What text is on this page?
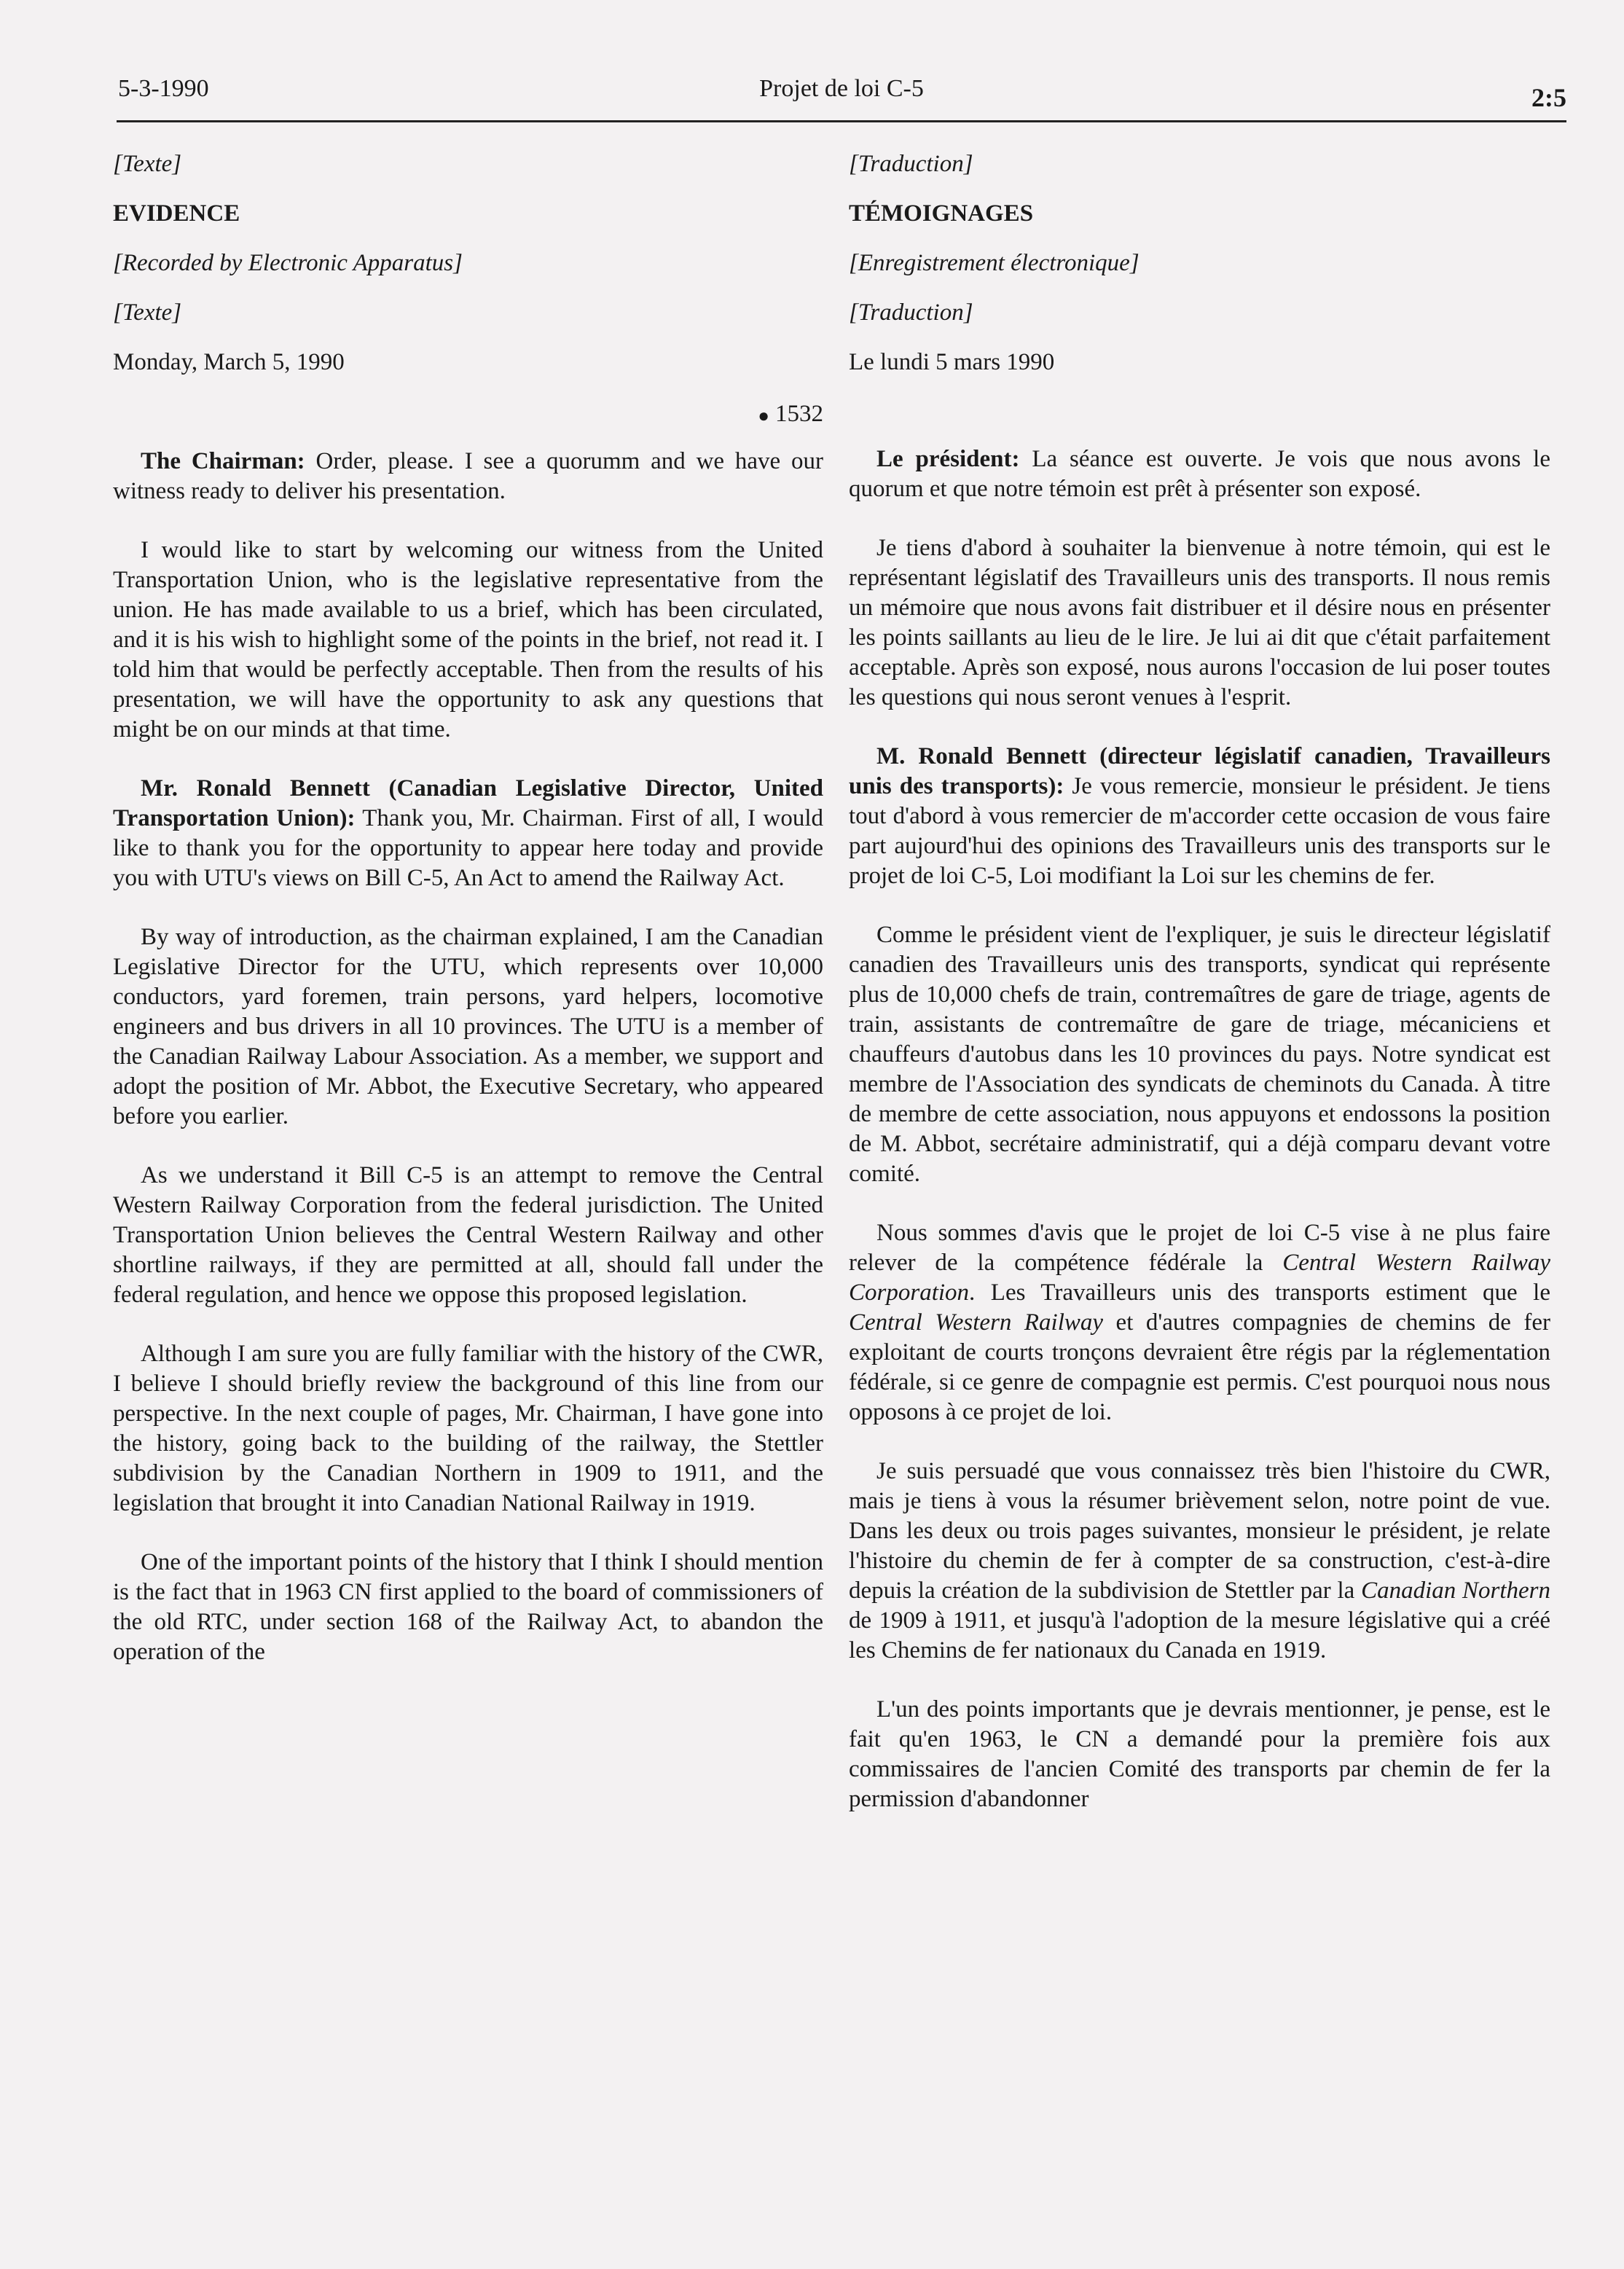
5-3-1990	Projet de loi C-5	2:5

[Texte]

EVIDENCE

[Recorded by Electronic Apparatus]

[Texte]

Monday, March 5, 1990

● 1532

The Chairman: Order, please. I see a quorumm and we have our witness ready to deliver his presentation.

I would like to start by welcoming our witness from the United Transportation Union, who is the legislative representative from the union. He has made available to us a brief, which has been circulated, and it is his wish to highlight some of the points in the brief, not read it. I told him that would be perfectly acceptable. Then from the results of his presentation, we will have the opportunity to ask any questions that might be on our minds at that time.

Mr. Ronald Bennett (Canadian Legislative Director, United Transportation Union): Thank you, Mr. Chairman. First of all, I would like to thank you for the opportunity to appear here today and provide you with UTU's views on Bill C-5, An Act to amend the Railway Act.

By way of introduction, as the chairman explained, I am the Canadian Legislative Director for the UTU, which represents over 10,000 conductors, yard foremen, train persons, yard helpers, locomotive engineers and bus drivers in all 10 provinces. The UTU is a member of the Canadian Railway Labour Association. As a member, we support and adopt the position of Mr. Abbot, the Executive Secretary, who appeared before you earlier.

As we understand it Bill C-5 is an attempt to remove the Central Western Railway Corporation from the federal jurisdiction. The United Transportation Union believes the Central Western Railway and other shortline railways, if they are permitted at all, should fall under the federal regulation, and hence we oppose this proposed legislation.

Although I am sure you are fully familiar with the history of the CWR, I believe I should briefly review the background of this line from our perspective. In the next couple of pages, Mr. Chairman, I have gone into the history, going back to the building of the railway, the Stettler subdivision by the Canadian Northern in 1909 to 1911, and the legislation that brought it into Canadian National Railway in 1919.

One of the important points of the history that I think I should mention is the fact that in 1963 CN first applied to the board of commissioners of the old RTC, under section 168 of the Railway Act, to abandon the operation of the

[Traduction]

TÉMOIGNAGES

[Enregistrement électronique]

[Traduction]

Le lundi 5 mars 1990

Le président: La séance est ouverte. Je vois que nous avons le quorum et que notre témoin est prêt à présenter son exposé.

Je tiens d'abord à souhaiter la bienvenue à notre témoin, qui est le représentant législatif des Travailleurs unis des transports. Il nous remis un mémoire que nous avons fait distribuer et il désire nous en présenter les points saillants au lieu de le lire. Je lui ai dit que c'était parfaitement acceptable. Après son exposé, nous aurons l'occasion de lui poser toutes les questions qui nous seront venues à l'esprit.

M. Ronald Bennett (directeur législatif canadien, Travailleurs unis des transports): Je vous remercie, monsieur le président. Je tiens tout d'abord à vous remercier de m'accorder cette occasion de vous faire part aujourd'hui des opinions des Travailleurs unis des transports sur le projet de loi C-5, Loi modifiant la Loi sur les chemins de fer.

Comme le président vient de l'expliquer, je suis le directeur législatif canadien des Travailleurs unis des transports, syndicat qui représente plus de 10,000 chefs de train, contremaîtres de gare de triage, agents de train, assistants de contremaître de gare de triage, mécaniciens et chauffeurs d'autobus dans les 10 provinces du pays. Notre syndicat est membre de l'Association des syndicats de cheminots du Canada. À titre de membre de cette association, nous appuyons et endossons la position de M. Abbot, secrétaire administratif, qui a déjà comparu devant votre comité.

Nous sommes d'avis que le projet de loi C-5 vise à ne plus faire relever de la compétence fédérale la Central Western Railway Corporation. Les Travailleurs unis des transports estiment que le Central Western Railway et d'autres compagnies de chemins de fer exploitant de courts tronçons devraient être régis par la réglementation fédérale, si ce genre de compagnie est permis. C'est pourquoi nous nous opposons à ce projet de loi.

Je suis persuadé que vous connaissez très bien l'histoire du CWR, mais je tiens à vous la résumer brièvement selon, notre point de vue. Dans les deux ou trois pages suivantes, monsieur le président, je relate l'histoire du chemin de fer à compter de sa construction, c'est-à-dire depuis la création de la subdivision de Stettler par la Canadian Northern de 1909 à 1911, et jusqu'à l'adoption de la mesure législative qui a créé les Chemins de fer nationaux du Canada en 1919.

L'un des points importants que je devrais mentionner, je pense, est le fait qu'en 1963, le CN a demandé pour la première fois aux commissaires de l'ancien Comité des transports par chemin de fer la permission d'abandonner
